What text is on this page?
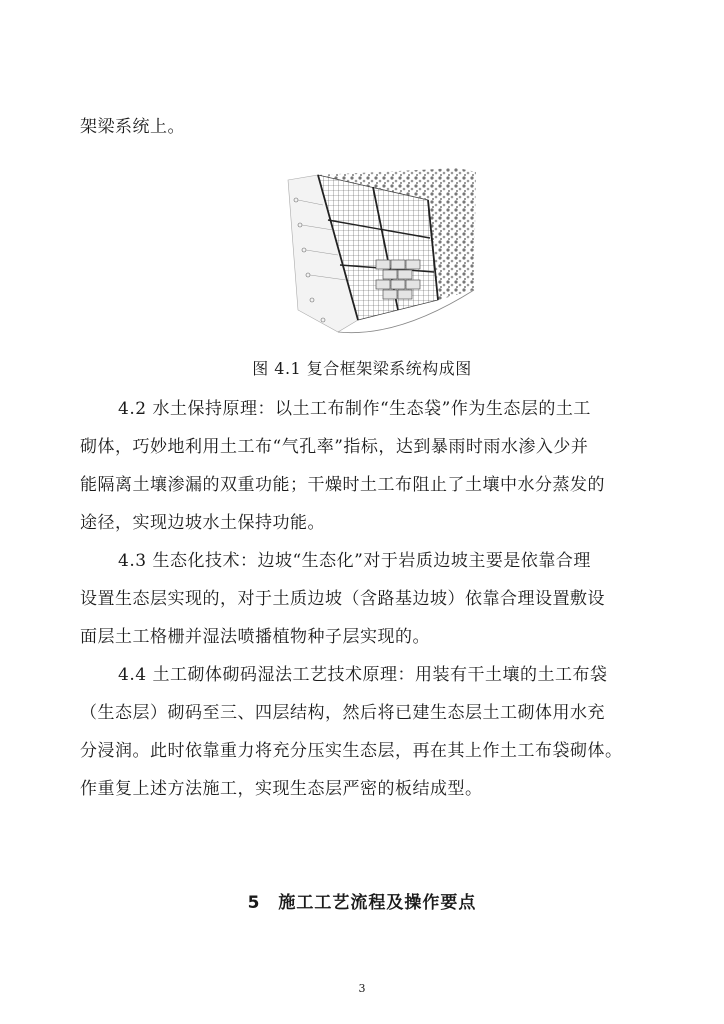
架梁系统上。
图 4.1 复合框架梁系统构成图
4.2 水土保持原理：以土工布制作“生态袋”作为生态层的土工
砌体，巧妙地利用土工布“气孔率”指标，达到暴雨时雨水渗入少并
能隔离土壤渗漏的双重功能；干燥时土工布阻止了土壤中水分蒸发的
途径，实现边坡水土保持功能。
4.3 生态化技术：边坡“生态化”对于岩质边坡主要是依靠合理
设置生态层实现的，对于土质边坡（含路基边坡）依靠合理设置敷设
面层土工格栅并湿法喷播植物种子层实现的。
4.4 土工砌体砌码湿法工艺技术原理：用装有干土壤的土工布袋
（生态层）砌码至三、四层结构，然后将已建生态层土工砌体用水充
分浸润。此时依靠重力将充分压实生态层，再在其上作土工布袋砌体。
作重复上述方法施工，实现生态层严密的板结成型。
5 施工工艺流程及操作要点
3
